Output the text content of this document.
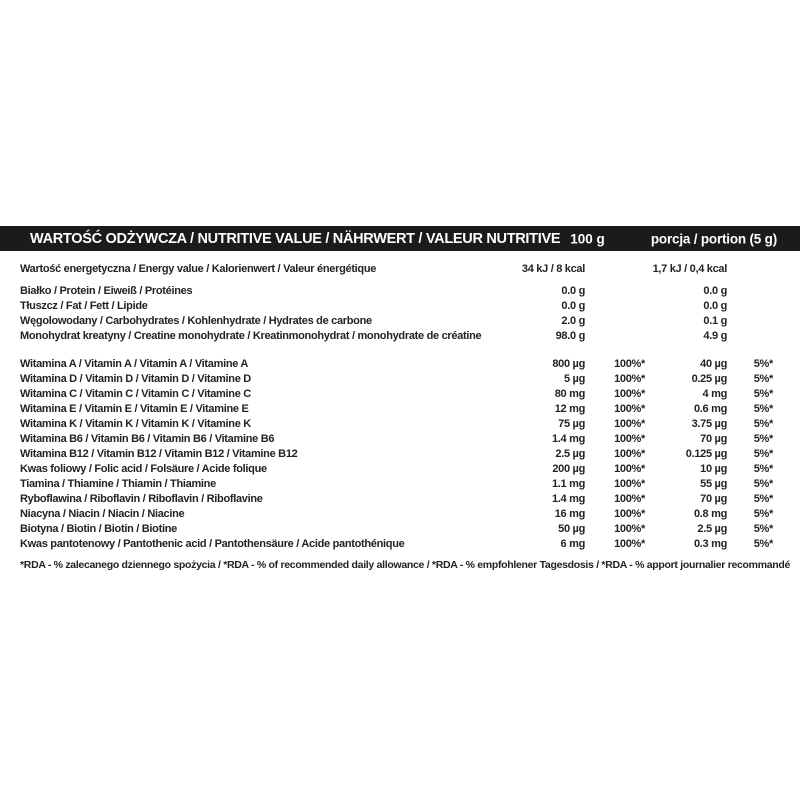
WARTOŚĆ ODŻYWCZA / NUTRITIVE VALUE / NÄHRWERT / VALEUR NUTRITIVE 100 g	porcja / portion (5 g)
Wartość energetyczna / Energy value / Kalorienwert / Valeur énergétique	34 kJ / 8 kcal	1,7 kJ / 0,4 kcal
Białko / Protein / Eiweiß / Protéines	0.0 g	0.0 g
Tłuszcz / Fat / Fett / Lipide	0.0 g	0.0 g
Węgolowodany / Carbohydrates / Kohlenhydrate / Hydrates de carbone	2.0 g	0.1 g
Monohydrat kreatyny / Creatine monohydrate / Kreatinmonohydrat / monohydrate de créatine	98.0 g	4.9 g
Witamina A / Vitamin A / Vitamin A / Vitamine A	800 µg	100%*	40 µg	5%*
Witamina D / Vitamin D / Vitamin D / Vitamine D	5 µg	100%*	0.25 µg	5%*
Witamina C / Vitamin C / Vitamin C / Vitamine C	80 mg	100%*	4 mg	5%*
Witamina E / Vitamin E / Vitamin E / Vitamine E	12 mg	100%*	0.6 mg	5%*
Witamina K / Vitamin K / Vitamin K / Vitamine K	75 µg	100%*	3.75 µg	5%*
Witamina B6 / Vitamin B6 / Vitamin B6 / Vitamine B6	1.4 mg	100%*	70 µg	5%*
Witamina B12 / Vitamin B12 / Vitamin B12 / Vitamine B12	2.5 µg	100%*	0.125 µg	5%*
Kwas foliowy / Folic acid / Folsäure / Acide folique	200 µg	100%*	10 µg	5%*
Tiamina / Thiamine / Thiamin / Thiamine	1.1 mg	100%*	55 µg	5%*
Ryboflawina / Riboflavin / Riboflavin / Riboflavine	1.4 mg	100%*	70 µg	5%*
Niacyna / Niacin / Niacin / Niacine	16 mg	100%*	0.8 mg	5%*
Biotyna / Biotin / Biotin / Biotine	50 µg	100%*	2.5 µg	5%*
Kwas pantotenowy / Pantothenic acid / Pantothensäure / Acide pantothénique	6 mg	100%*	0.3 mg	5%*
*RDA - % zalecanego dziennego spożycia / *RDA - % of recommended daily allowance / *RDA - % empfohlener Tagesdosis / *RDA - % apport journalier recommandé
